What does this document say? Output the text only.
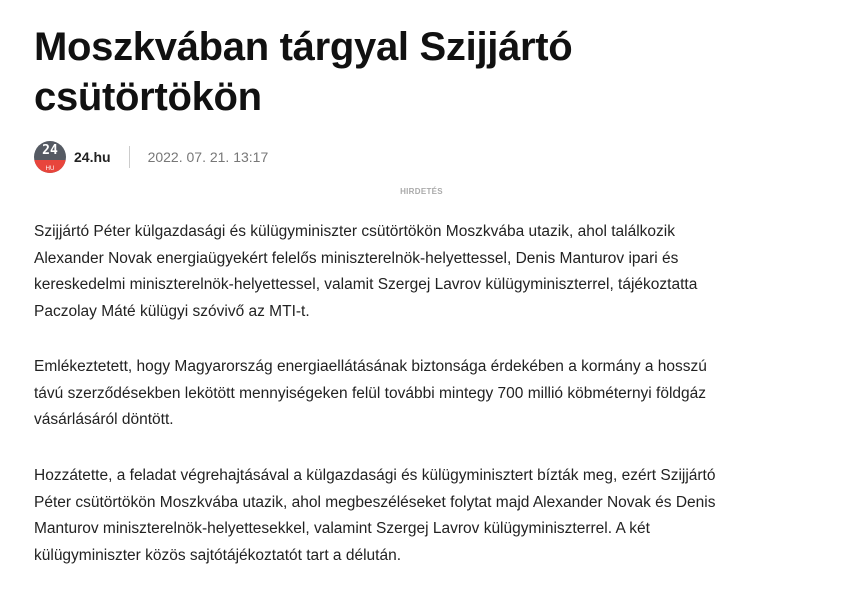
Moszkvában tárgyal Szijjártó csütörtökön
24
HU
24.hu	2022. 07. 21. 13:17
HIRDETÉS
Szijjártó Péter külgazdasági és külügyminiszter csütörtökön Moszkvába utazik, ahol találkozik
Alexander Novak energiaügyekért felelős miniszterelnök-helyettessel, Denis Manturov ipari és
kereskedelmi miniszterelnök-helyettessel, valamit Szergej Lavrov külügyminiszterrel, tájékoztatta
Paczolay Máté külügyi szóvivő az MTI-t.
Emlékeztetett, hogy Magyarország energiaellátásának biztonsága érdekében a kormány a hosszú
távú szerződésekben lekötött mennyiségeken felül további mintegy 700 millió köbméternyi földgáz
vásárlásáról döntött.
Hozzátette, a feladat végrehajtásával a külgazdasági és külügyminisztert bízták meg, ezért Szijjártó
Péter csütörtökön Moszkvába utazik, ahol megbeszéléseket folytat majd Alexander Novak és Denis
Manturov miniszterelnök-helyettesekkel, valamint Szergej Lavrov külügyminiszterrel. A két
külügyminiszter közös sajtótájékoztatót tart a délután.
